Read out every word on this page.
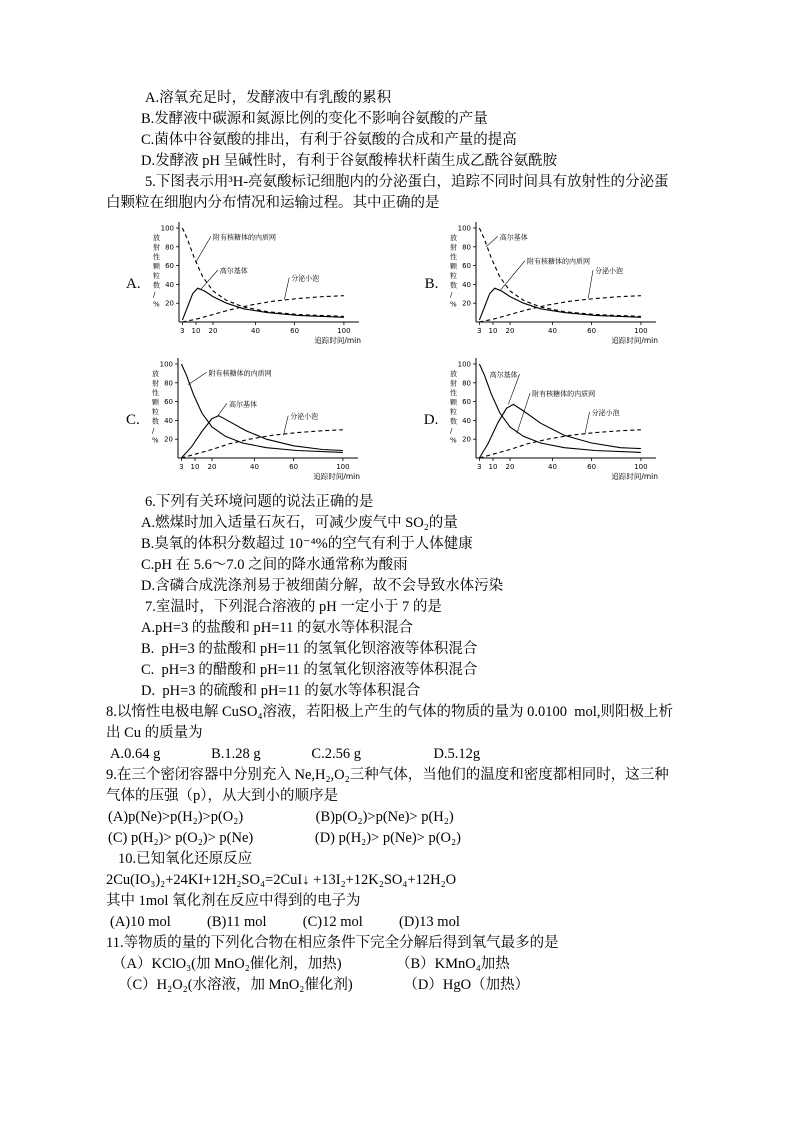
A.溶氧充足时，发酵液中有乳酸的累积
B.发酵液中碳源和氮源比例的变化不影响谷氨酸的产量
C.菌体中谷氨酸的排出，有利于谷氨酸的合成和产量的提高
D.发酵液 pH 呈碱性时，有利于谷氨酸棒状杆菌生成乙酰谷氨酰胺
5.下图表示用³H-亮氨酸标记细胞内的分泌蛋白，追踪不同时间具有放射性的分泌蛋
白颗粒在细胞内分布情况和运输过程。其中正确的是
A.
100
80
60
40
20
3 10 20	40	60	100
放射性颗粒数/ %
追踪时间/min
附有核糖体的内质网
高尔基体
分泌小泡	B.
100
80
60
40
20
3 10 20	40	60	100
放射性颗粒数/ %
追踪时间/min
高尔基体
附有核糖体的内质网
分泌小泡
C.
100
80
60
40
20
3 10 20	40	60	100
放射性颗粒数/ %
追踪时间/min
附有核糖体的内质网
高尔基体
分泌小泡	D.
100
80
60
40
20
3 10 20	40	60	100
放射性颗粒数/ %
追踪时间/min
高尔基体
附有核糖体的内质网
分泌小泡
6.下列有关环境问题的说法正确的是
A.燃煤时加入适量石灰石，可减少废气中 SO₂的量
B.臭氧的体积分数超过 10⁻⁴%的空气有利于人体健康
C.pH 在 5.6～7.0 之间的降水通常称为酸雨
D.含磷合成洗涤剂易于被细菌分解，故不会导致水体污染
7.室温时，下列混合溶液的 pH 一定小于 7 的是
A.pH=3 的盐酸和 pH=11 的氨水等体积混合
B.  pH=3 的盐酸和 pH=11 的氢氧化钡溶液等体积混合
C.  pH=3 的醋酸和 pH=11 的氢氧化钡溶液等体积混合
D.  pH=3 的硫酸和 pH=11 的氨水等体积混合
8.以惰性电极电解 CuSO₄溶液，若阳极上产生的气体的物质的量为 0.0100  mol,则阳极上析
出 Cu 的质量为
A.0.64 g              B.1.28 g              C.2.56 g                    D.5.12g
9.在三个密闭容器中分别充入 Ne,H₂,O₂三种气体，当他们的温度和密度都相同时，这三种
气体的压强（p），从大到小的顺序是
(A)p(Ne)>p(H₂)>p(O₂)                    (B)p(O₂)>p(Ne)> p(H₂)
(C) p(H₂)> p(O₂)> p(Ne)                 (D) p(H₂)> p(Ne)> p(O₂)
10.已知氧化还原反应
2Cu(IO₃)₂+24KI+12H₂SO₄=2CuI↓ +13I₂+12K₂SO₄+12H₂O
其中 1mol 氧化剂在反应中得到的电子为
(A)10 mol          (B)11 mol          (C)12 mol          (D)13 mol
11.等物质的量的下列化合物在相应条件下完全分解后得到氧气最多的是
（A）KClO₃(加 MnO₂催化剂，加热)               （B）KMnO₄加热
（C）H₂O₂(水溶液，加 MnO₂催化剂)              （D）HgO（加热）
